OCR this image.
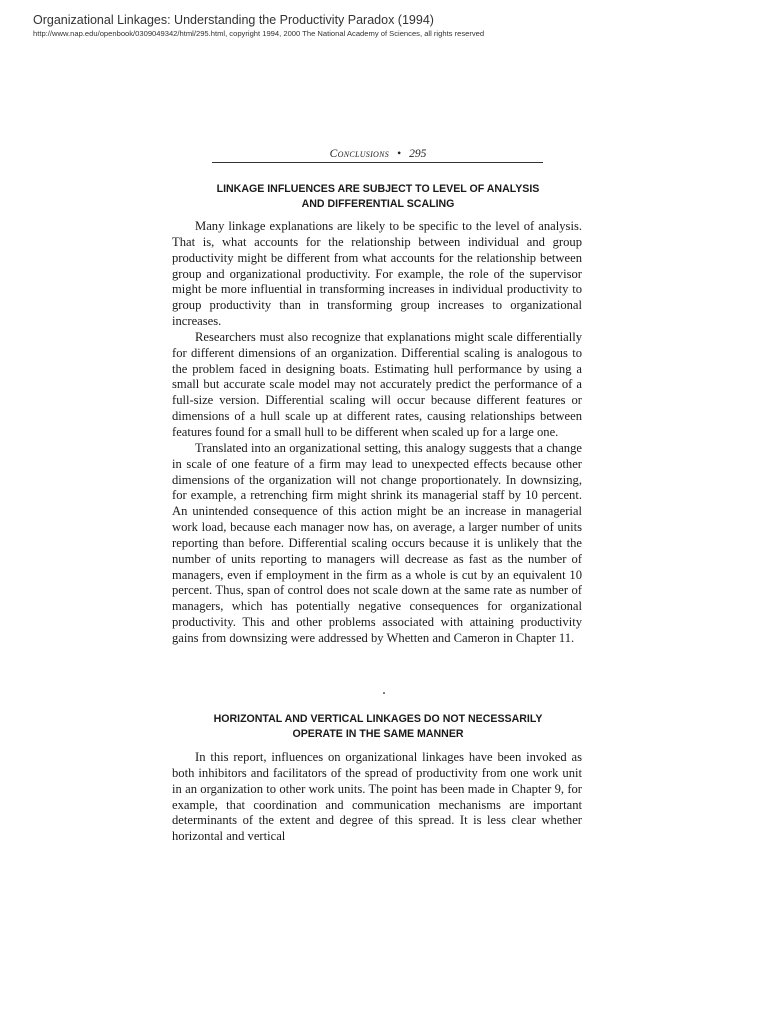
Organizational Linkages: Understanding the Productivity Paradox (1994)
http://www.nap.edu/openbook/0309049342/html/295.html, copyright 1994, 2000 The National Academy of Sciences, all rights reserved
Conclusions • 295
LINKAGE INFLUENCES ARE SUBJECT TO LEVEL OF ANALYSIS
AND DIFFERENTIAL SCALING

Many linkage explanations are likely to be specific to the level of analysis. That is, what accounts for the relationship between individual and group productivity might be different from what accounts for the relationship between group and organizational productivity. For example, the role of the supervisor might be more influential in transforming increases in individual productivity to group productivity than in transforming group increases to organizational increases.

Researchers must also recognize that explanations might scale differentially for different dimensions of an organization. Differential scaling is analogous to the problem faced in designing boats. Estimating hull performance by using a small but accurate scale model may not accurately predict the performance of a full-size version. Differential scaling will occur because different features or dimensions of a hull scale up at different rates, causing relationships between features found for a small hull to be different when scaled up for a large one.

Translated into an organizational setting, this analogy suggests that a change in scale of one feature of a firm may lead to unexpected effects because other dimensions of the organization will not change proportionately. In downsizing, for example, a retrenching firm might shrink its managerial staff by 10 percent. An unintended consequence of this action might be an increase in managerial work load, because each manager now has, on average, a larger number of units reporting than before. Differential scaling occurs because it is unlikely that the number of units reporting to managers will decrease as fast as the number of managers, even if employment in the firm as a whole is cut by an equivalent 10 percent. Thus, span of control does not scale down at the same rate as number of managers, which has potentially negative consequences for organizational productivity. This and other problems associated with attaining productivity gains from downsizing were addressed by Whetten and Cameron in Chapter 11.

HORIZONTAL AND VERTICAL LINKAGES DO NOT NECESSARILY
OPERATE IN THE SAME MANNER

In this report, influences on organizational linkages have been invoked as both inhibitors and facilitators of the spread of productivity from one work unit in an organization to other work units. The point has been made in Chapter 9, for example, that coordination and communication mechanisms are important determinants of the extent and degree of this spread. It is less clear whether horizontal and vertical
